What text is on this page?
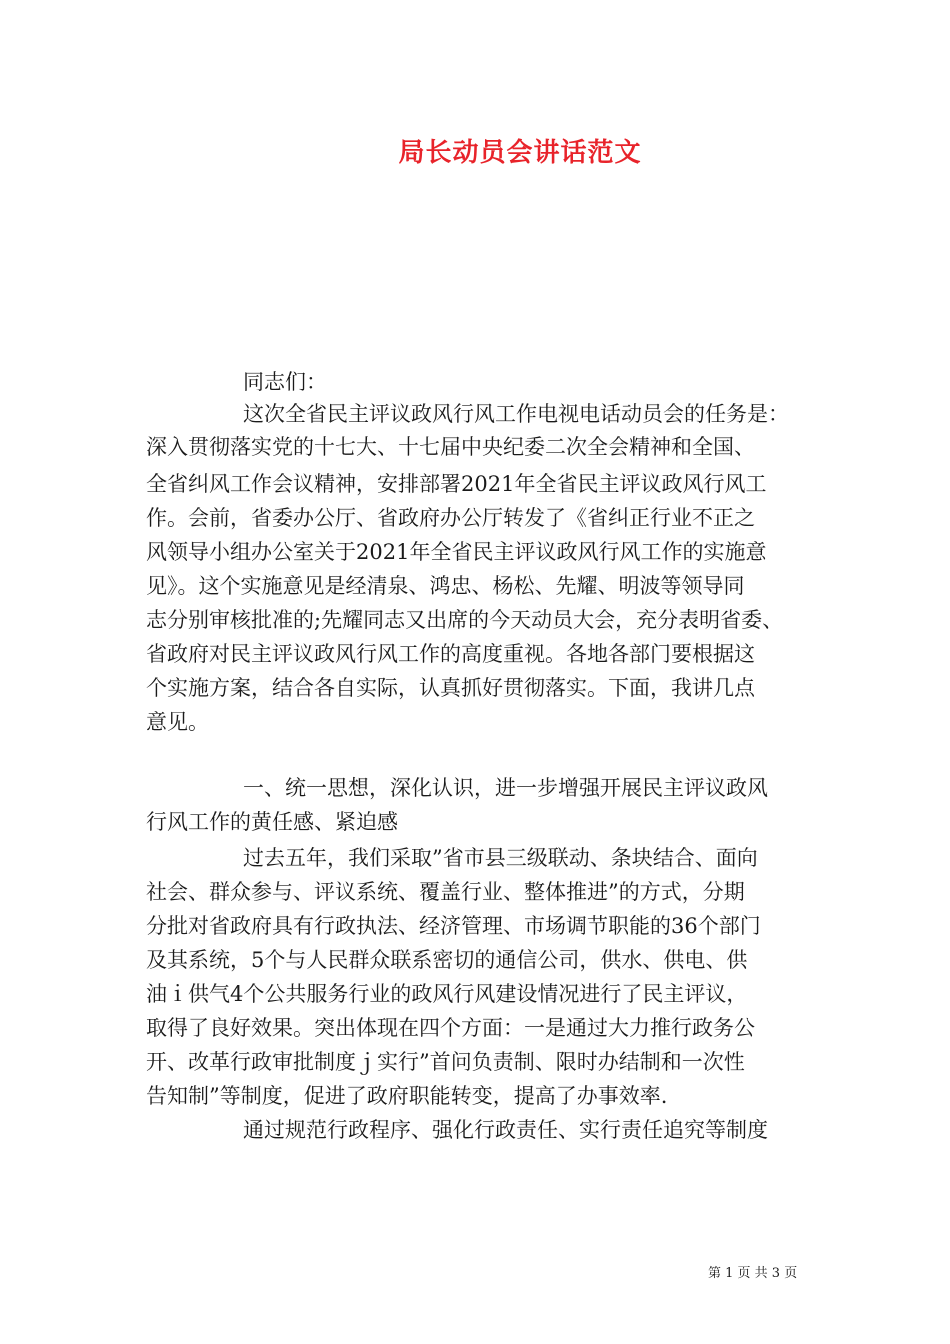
局长动员会讲话范文
同志们：
这次全省民主评议政风行风工作电视电话动员会的任务是：
深入贯彻落实党的十七大、十七届中央纪委二次全会精神和全国、
全省纠风工作会议精神，安排部署2021年全省民主评议政风行风工
作。会前，省委办公厅、省政府办公厅转发了《省纠正行业不正之
风领导小组办公室关于2021年全省民主评议政风行风工作的实施意
见》。这个实施意见是经清泉、鸿忠、杨松、先耀、明波等领导同
志分别审核批准的;先耀同志又出席的今天动员大会，充分表明省委、
省政府对民主评议政风行风工作的高度重视。各地各部门要根据这
个实施方案，结合各自实际，认真抓好贯彻落实。下面，我讲几点
意见。
一、统一思想，深化认识，进一步增强开展民主评议政风
行风工作的黄任感、紧迫感
过去五年，我们采取”省市县三级联动、条块结合、面向
社会、群众参与、评议系统、覆盖行业、整体推进”的方式，分期
分批对省政府具有行政执法、经济管理、市场调节职能的36个部门
及其系统，5个与人民群众联系密切的通信公司，供水、供电、供
油ｉ供气4个公共服务行业的政风行风建设情况进行了民主评议，
取得了良好效果。突出体现在四个方面：一是通过大力推行政务公
开、改革行政审批制度ｊ实行”首问负责制、限时办结制和一次性
告知制”等制度，促进了政府职能转变，提高了办事效率.
通过规范行政程序、强化行政责任、实行责任追究等制度
第 1 页 共 3 页
